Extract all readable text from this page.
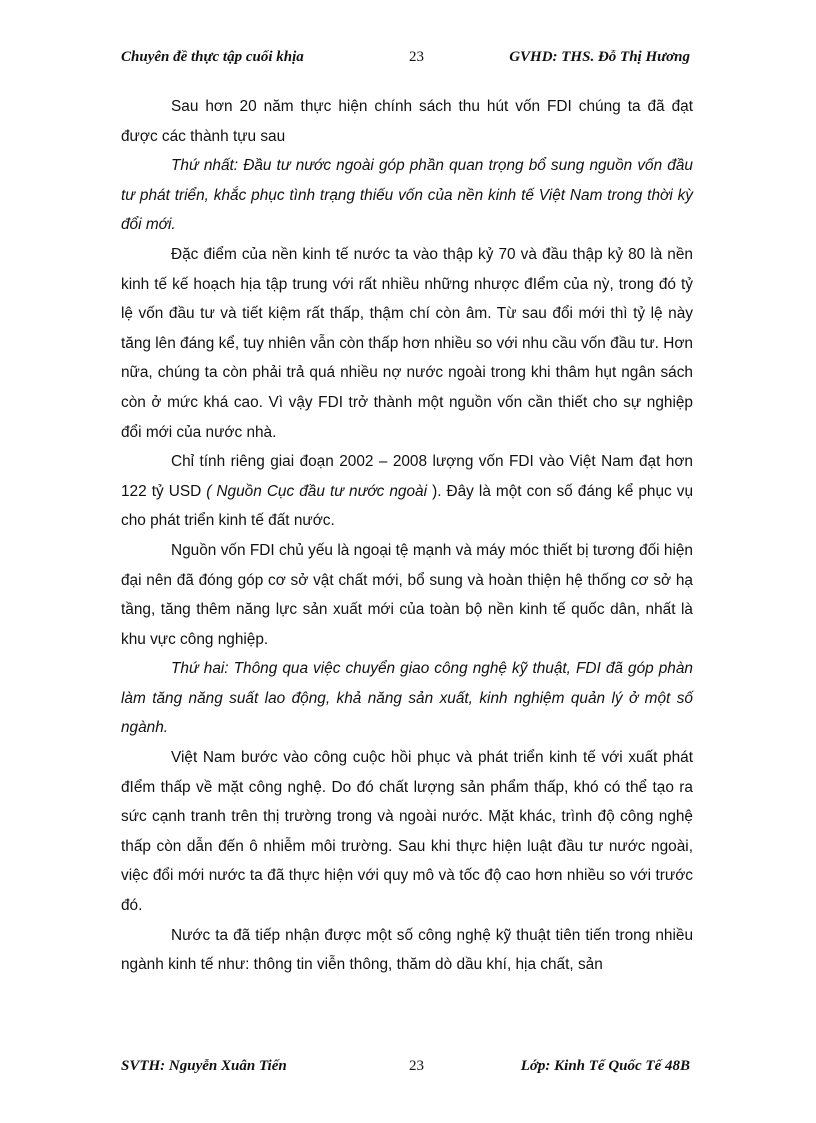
Chuyên đề thực tập cuối khịa	23	GVHD: THS. Đỗ Thị Hương

Sau hơn 20 năm thực hiện chính sách thu hút vốn FDI chúng ta đã đạt được các thành tựu sau

Thứ nhất: Đầu tư nước ngoài góp phần quan trọng bổ sung nguồn vốn đầu tư phát triển, khắc phục tình trạng thiếu vốn của nền kinh tế Việt Nam trong thời kỳ đổi mới.

Đặc điểm của nền kinh tế nước ta vào thập kỷ 70 và đầu thập kỷ 80 là nền kinh tế kế hoạch hịa tập trung với rất nhiều những nhược đIểm của nỳ, trong đó tỷ lệ vốn đầu tư và tiết kiệm rất thấp, thậm chí còn âm. Từ sau đổi mới thì tỷ lệ này tăng lên đáng kể, tuy nhiên vẫn còn thấp hơn nhiều so với nhu cầu vốn đầu tư. Hơn nữa, chúng ta còn phải trả quá nhiều nợ nước ngoài trong khi thâm hụt ngân sách còn ở mức khá cao. Vì vậy FDI trở thành một nguồn vốn cần thiết cho sự nghiệp đổi mới của nước nhà.

Chỉ tính riêng giai đoạn 2002 – 2008 lượng vốn FDI vào Việt Nam đạt hơn 122 tỷ USD ( Nguồn Cục đầu tư nước ngoài ). Đây là một con số đáng kể phục vụ cho phát triển kinh tế đất nước.

Nguồn vốn FDI chủ yếu là ngoại tệ mạnh và máy móc thiết bị tương đối hiện đại nên đã đóng góp cơ sở vật chất mới, bổ sung và hoàn thiện hệ thống cơ sở hạ tầng, tăng thêm năng lực sản xuất mới của toàn bộ nền kinh tế quốc dân, nhất là khu vực công nghiệp.

Thứ hai: Thông qua việc chuyển giao công nghệ kỹ thuật, FDI đã góp phàn làm tăng năng suất lao động, khả năng sản xuất, kinh nghiệm quản lý ở một số ngành.

Việt Nam bước vào công cuộc hồi phục và phát triển kinh tế với xuất phát đIểm thấp về mặt công nghệ. Do đó chất lượng sản phẩm thấp, khó có thể tạo ra sức cạnh tranh trên thị trường trong và ngoài nước. Mặt khác, trình độ công nghệ thấp còn dẫn đến ô nhiễm môi trường. Sau khi thực hiện luật đầu tư nước ngoài, việc đổi mới nước ta đã thực hiện với quy mô và tốc độ cao hơn nhiều so với trước đó.

Nước ta đã tiếp nhận được một số công nghệ kỹ thuật tiên tiến trong nhiều ngành kinh tế như: thông tin viễn thông, thăm dò dầu khí, hịa chất, sản

SVTH: Nguyễn Xuân Tiến	23	Lớp: Kinh Tế Quốc Tế 48B
